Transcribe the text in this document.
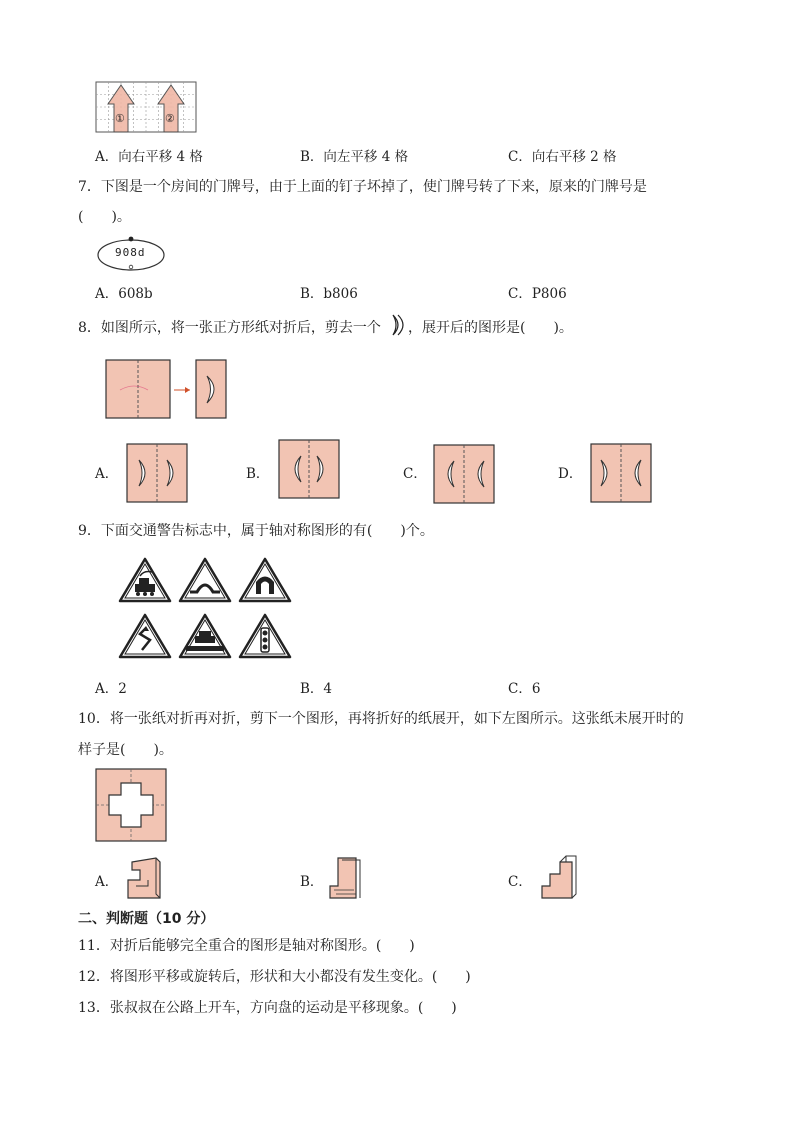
①	②
A．向右平移 4 格	B．向左平移 4 格	C．向右平移 2 格
7．下图是一个房间的门牌号，由于上面的钉子坏掉了，使门牌号转了下来，原来的门牌号是
(　　)。
908d
A．608b	B．b806	C．P806
8．如图所示，将一张正方形纸对折后，剪去一个 ，展开后的图形是(　　)。
A．	B．	C．	D．
9．下面交通警告标志中，属于轴对称图形的有(　　)个。
A．2	B．4	C．6
10．将一张纸对折再对折，剪下一个图形，再将折好的纸展开，如下左图所示。这张纸未展开时的
样子是(　　)。
A．	B．	C．
二、判断题（10 分）
11．对折后能够完全重合的图形是轴对称图形。(　　)
12．将图形平移或旋转后，形状和大小都没有发生变化。(　　)
13．张叔叔在公路上开车，方向盘的运动是平移现象。(　　)
